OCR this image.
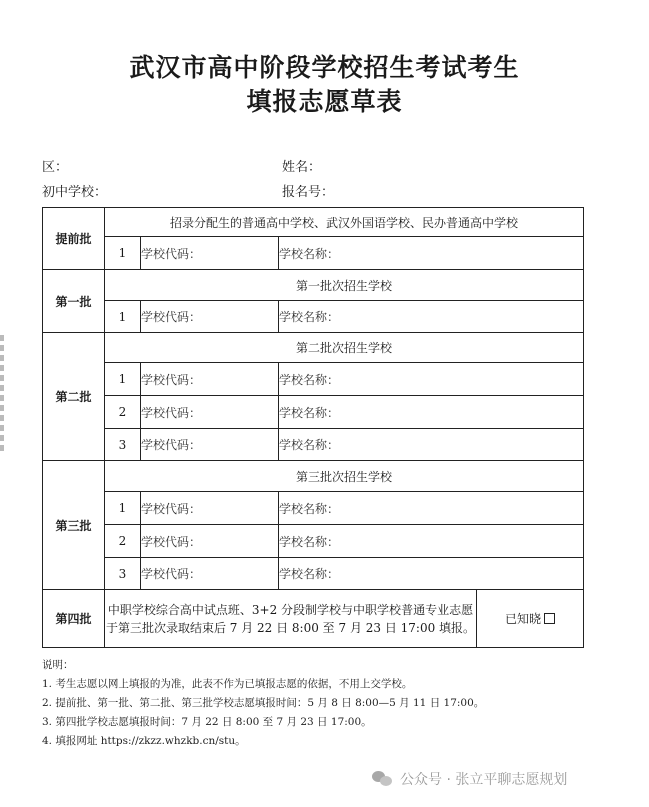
武汉市高中阶段学校招生考试考生
填报志愿草表
区：	姓名：
初中学校：	报名号：
提前批	招录分配生的普通高中学校、武汉外国语学校、民办普通高中学校			
	1	学校代码：	学校名称：	
第一批	第一批次招生学校			
	1	学校代码：	学校名称：	
第二批	第二批次招生学校			
	1	学校代码：	学校名称：	
	2	学校代码：	学校名称：	
	3	学校代码：	学校名称：	
第三批	第三批次招生学校			
	1	学校代码：	学校名称：	
	2	学校代码：	学校名称：	
	3	学校代码：	学校名称：	
第四批	中职学校综合高中试点班、3+2 分段制学校与中职学校普通专业志愿
于第三批次录取结束后 7 月 22 日 8:00 至 7 月 23 日 17:00 填报。			已知晓
说明：
1. 考生志愿以网上填报的为准，此表不作为已填报志愿的依据，不用上交学校。
2. 提前批、第一批、第二批、第三批学校志愿填报时间：5 月 8 日 8:00—5 月 11 日 17:00。
3. 第四批学校志愿填报时间：7 月 22 日 8:00 至 7 月 23 日 17:00。
4. 填报网址 https://zkzz.whzkb.cn/stu。
公众号 · 张立平聊志愿规划
